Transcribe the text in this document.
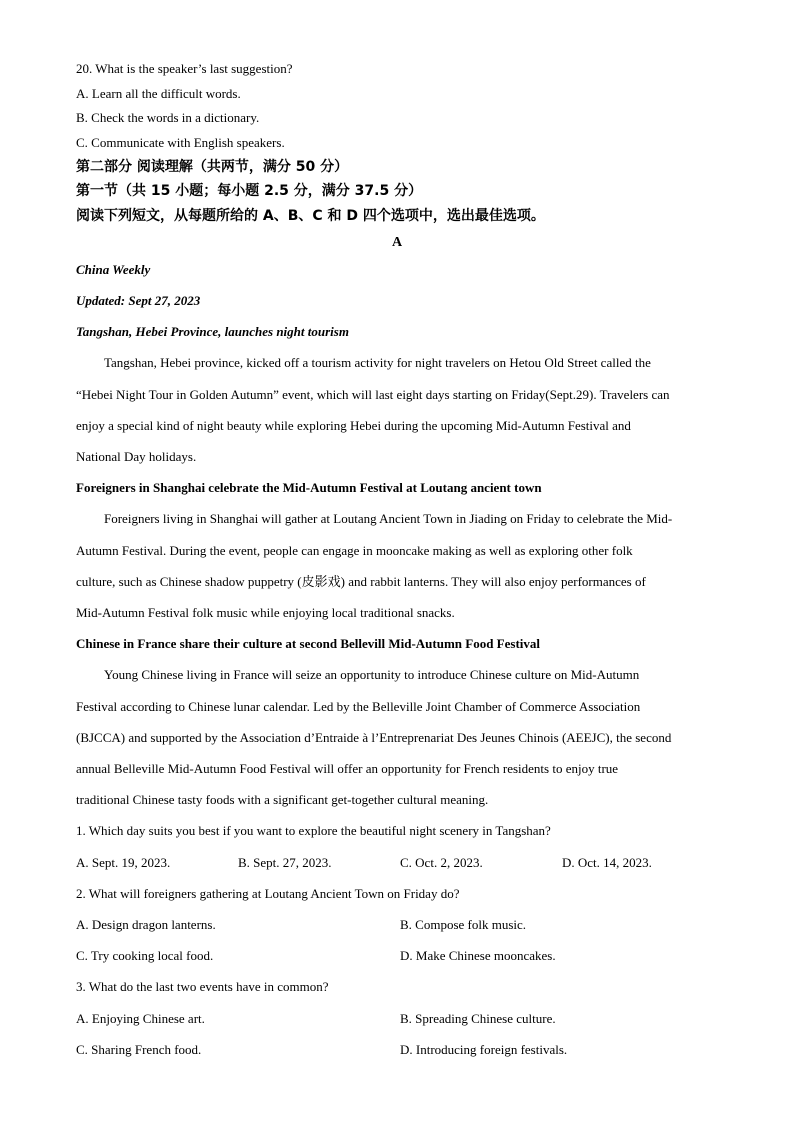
20. What is the speaker’s last suggestion?
A. Learn all the difficult words.
B. Check the words in a dictionary.
C. Communicate with English speakers.
第二部分 阅读理解（共两节，满分 50 分）
第一节（共 15 小题；每小题 2.5 分，满分 37.5 分）
阅读下列短文，从每题所给的 A、B、C 和 D 四个选项中，选出最佳选项。
A
China Weekly
Updated: Sept 27, 2023
Tangshan, Hebei Province, launches night tourism
Tangshan, Hebei province, kicked off a tourism activity for night travelers on Hetou Old Street called the
“Hebei Night Tour in Golden Autumn” event, which will last eight days starting on Friday(Sept.29). Travelers can
enjoy a special kind of night beauty while exploring Hebei during the upcoming Mid-Autumn Festival and
National Day holidays.
Foreigners in Shanghai celebrate the Mid-Autumn Festival at Loutang ancient town
Foreigners living in Shanghai will gather at Loutang Ancient Town in Jiading on Friday to celebrate the Mid-
Autumn Festival. During the event, people can engage in mooncake making as well as exploring other folk
culture, such as Chinese shadow puppetry (皮影戏) and rabbit lanterns. They will also enjoy performances of
Mid-Autumn Festival folk music while enjoying local traditional snacks.
Chinese in France share their culture at second Bellevill Mid-Autumn Food Festival
Young Chinese living in France will seize an opportunity to introduce Chinese culture on Mid-Autumn
Festival according to Chinese lunar calendar. Led by the Belleville Joint Chamber of Commerce Association
(BJCCA) and supported by the Association d’Entraide à l’Entreprenariat Des Jeunes Chinois (AEEJC), the second
annual Belleville Mid-Autumn Food Festival will offer an opportunity for French residents to enjoy true
traditional Chinese tasty foods with a significant get-together cultural meaning.
1. Which day suits you best if you want to explore the beautiful night scenery in Tangshan?
A. Sept. 19, 2023.	B. Sept. 27, 2023.	C. Oct. 2, 2023.	D. Oct. 14, 2023.
2. What will foreigners gathering at Loutang Ancient Town on Friday do?
A. Design dragon lanterns.	B. Compose folk music.
C. Try cooking local food.	D. Make Chinese mooncakes.
3. What do the last two events have in common?
A. Enjoying Chinese art.	B. Spreading Chinese culture.
C. Sharing French food.	D. Introducing foreign festivals.
